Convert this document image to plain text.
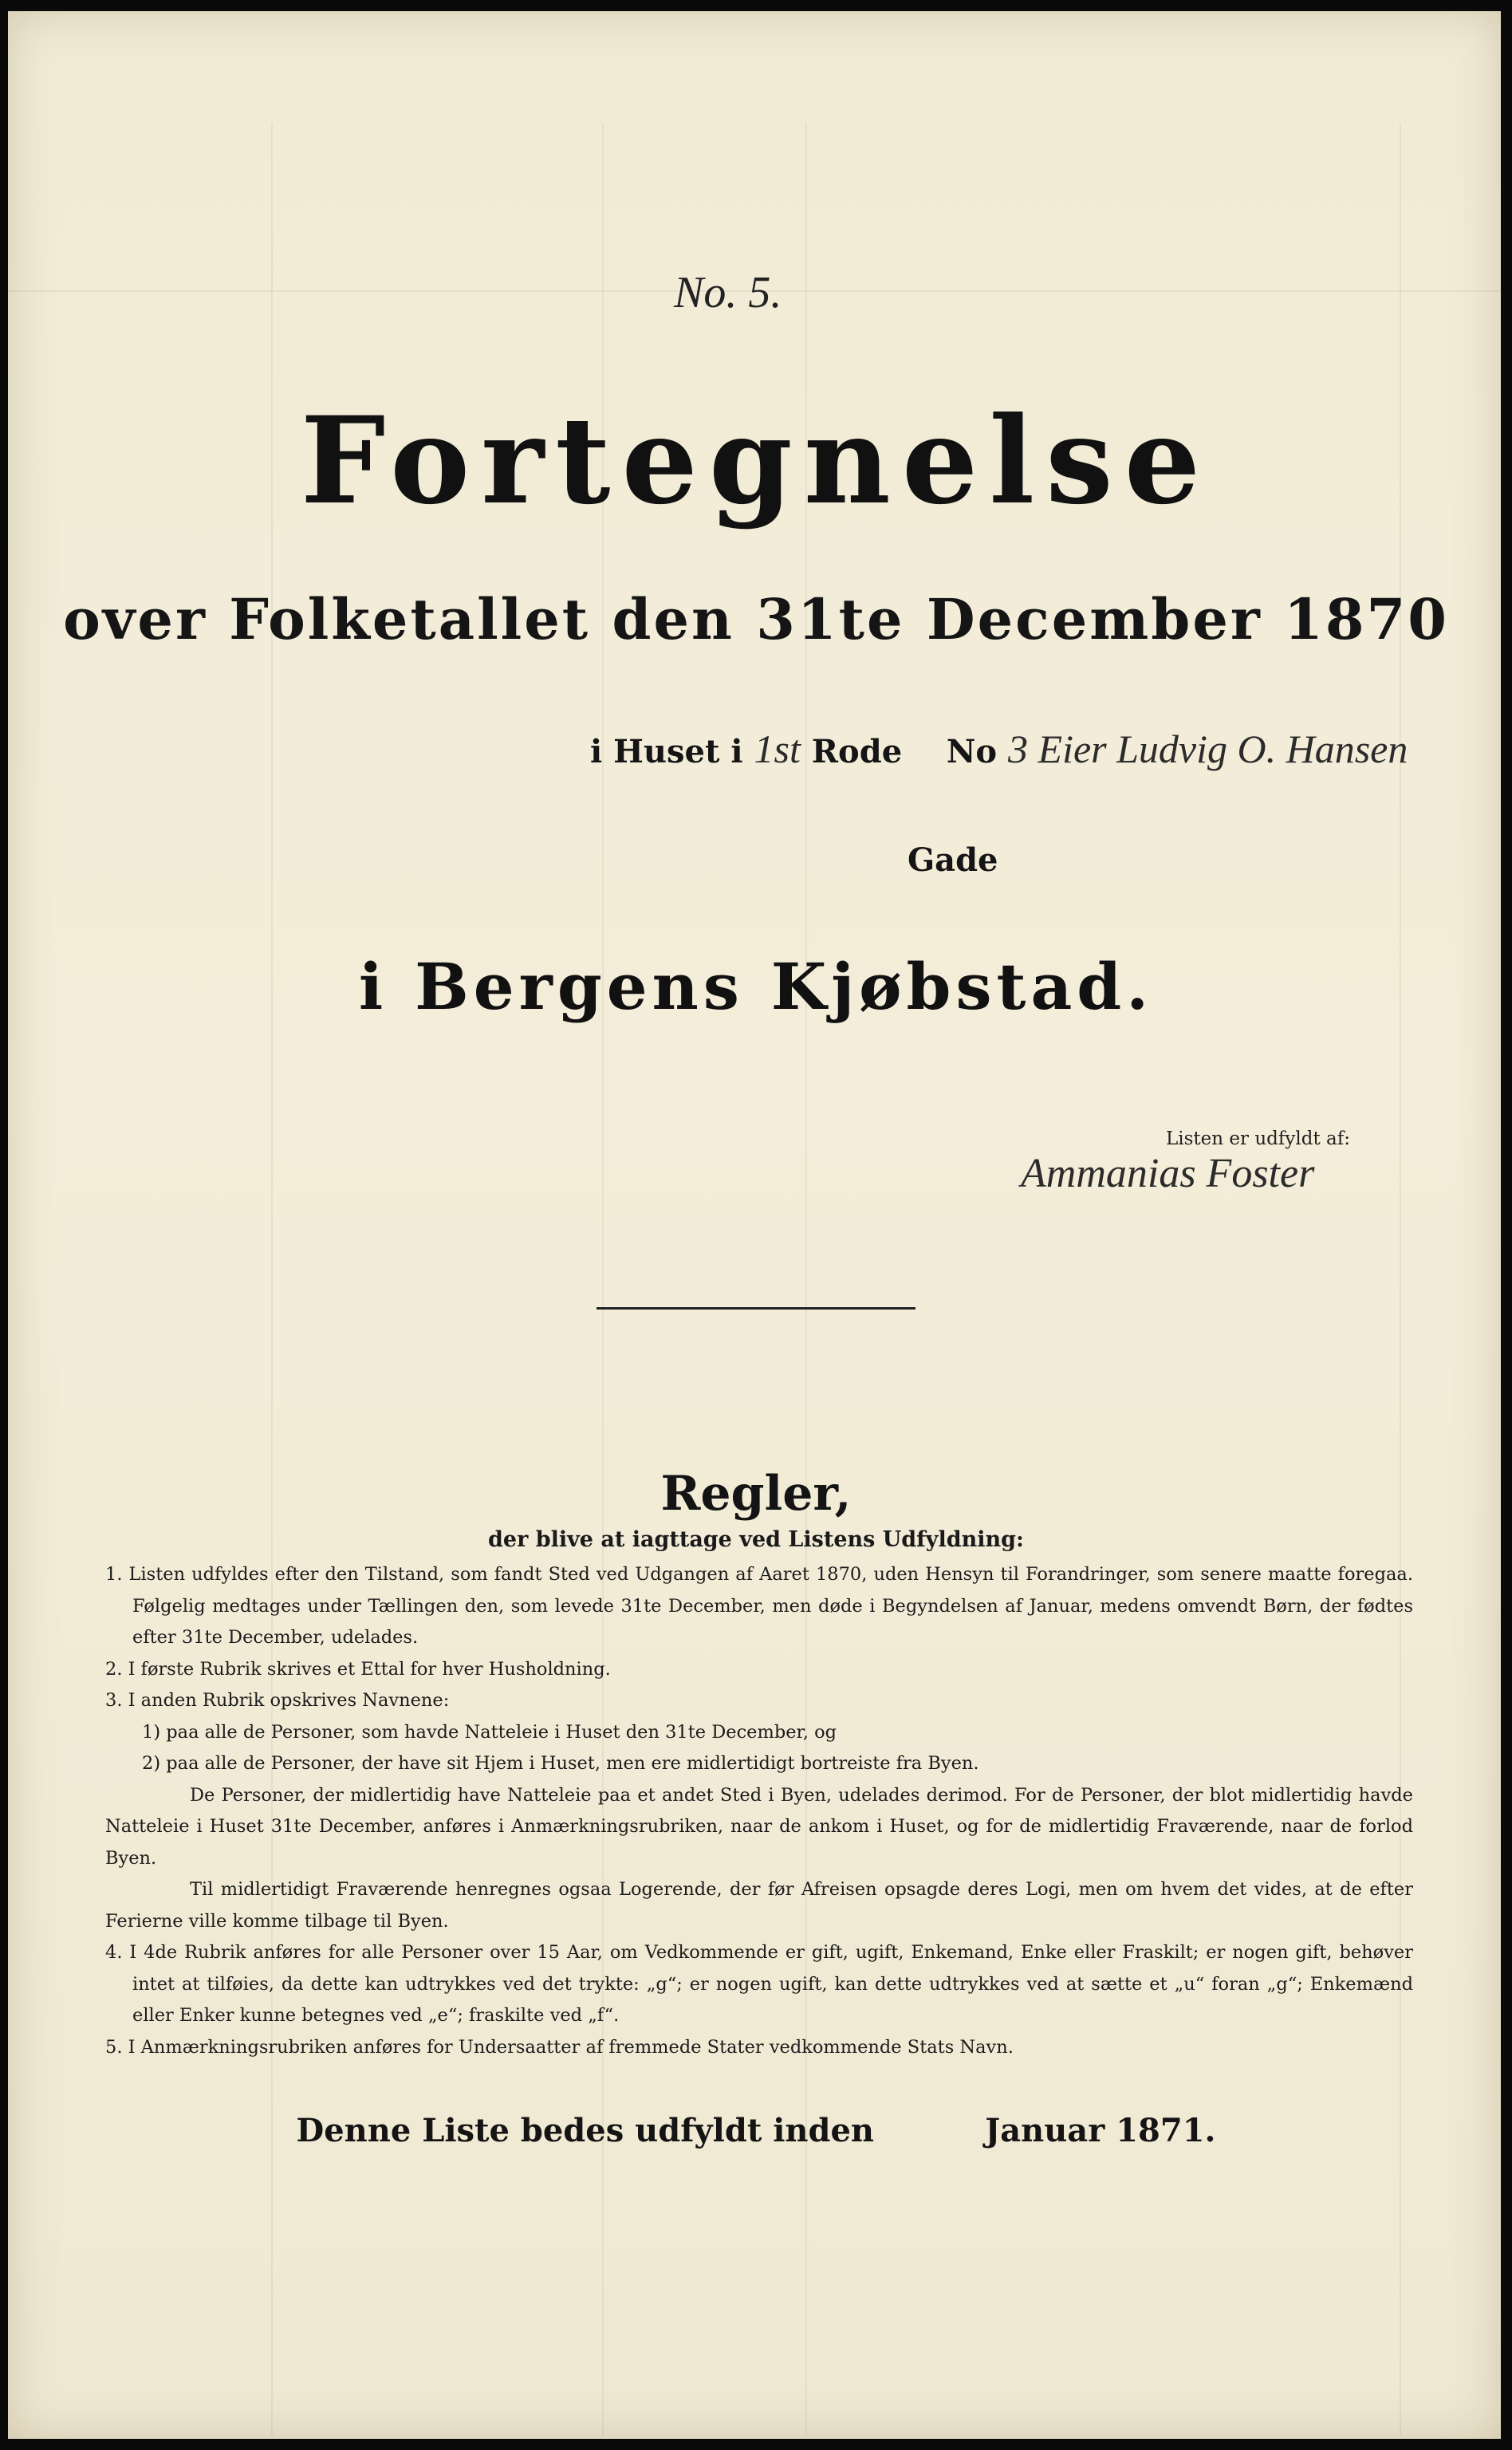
No. 5.
Fortegnelse
over Folketallet den 31te December 1870
i Huset i 1st Rode No 3 Eier Ludvig O. Hansen
Gade
i Bergens Kjøbstad.
Listen er udfyldt af:
Ammanias Foster
Regler,
der blive at iagttage ved Listens Udfyldning:

1. Listen udfyldes efter den Tilstand, som fandt Sted ved Udgangen af Aaret 1870, uden Hensyn til Forandringer, som senere maatte foregaa. Følgelig medtages under Tællingen den, som levede 31te December, men døde i Begyndelsen af Januar, medens omvendt Børn, der fødtes efter 31te December, udelades.

2. I første Rubrik skrives et Ettal for hver Husholdning.

3. I anden Rubrik opskrives Navnene:

1) paa alle de Personer, som havde Natteleie i Huset den 31te December, og

2) paa alle de Personer, der have sit Hjem i Huset, men ere midlertidigt bortreiste fra Byen.

De Personer, der midlertidig have Natteleie paa et andet Sted i Byen, udelades derimod. For de Personer, der blot midlertidig havde Natteleie i Huset 31te December, anføres i Anmærkningsrubriken, naar de ankom i Huset, og for de midlertidig Fraværende, naar de forlod Byen.

Til midlertidigt Fraværende henregnes ogsaa Logerende, der før Afreisen opsagde deres Logi, men om hvem det vides, at de efter Ferierne ville komme tilbage til Byen.

4. I 4de Rubrik anføres for alle Personer over 15 Aar, om Vedkommende er gift, ugift, Enkemand, Enke eller Fraskilt; er nogen gift, behøver intet at tilføies, da dette kan udtrykkes ved det trykte: „g“; er nogen ugift, kan dette udtrykkes ved at sætte et „u“ foran „g“; Enkemænd eller Enker kunne betegnes ved „e“; fraskilte ved „f“.

5. I Anmærkningsrubriken anføres for Undersaatter af fremmede Stater vedkommende Stats Navn.

Denne Liste bedes udfyldt inden	Januar 1871.
